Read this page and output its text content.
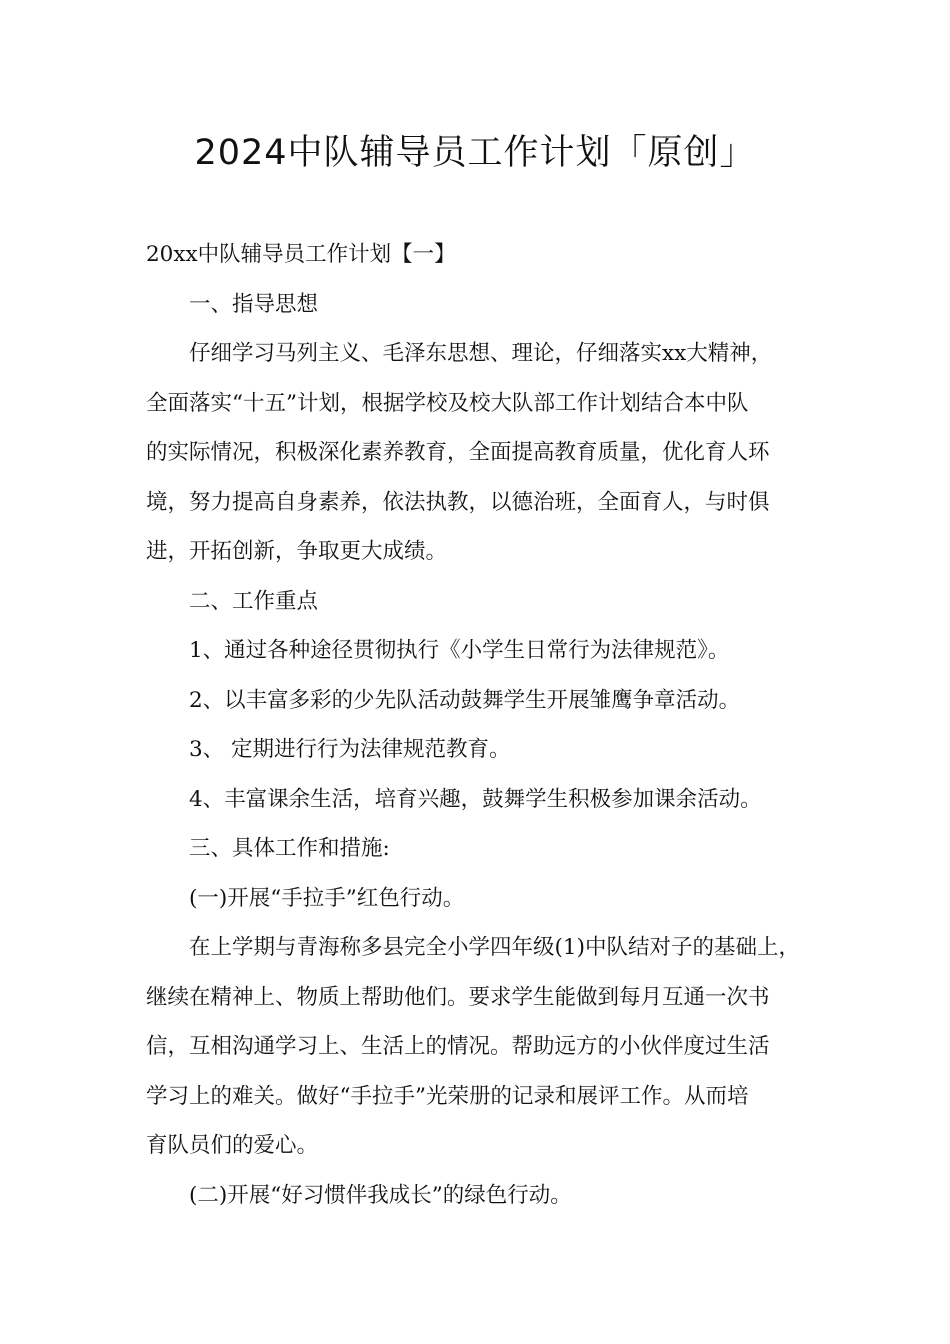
2024中队辅导员工作计划「原创」
20xx中队辅导员工作计划【一】
一、指导思想
仔细学习马列主义、毛泽东思想、理论，仔细落实xx大精神，
全面落实“十五”计划，根据学校及校大队部工作计划结合本中队
的实际情况，积极深化素养教育，全面提高教育质量，优化育人环
境，努力提高自身素养，依法执教，以德治班，全面育人，与时俱
进，开拓创新，争取更大成绩。
二、工作重点
1、通过各种途径贯彻执行《小学生日常行为法律规范》。
2、以丰富多彩的少先队活动鼓舞学生开展雏鹰争章活动。
3、 定期进行行为法律规范教育。
4、丰富课余生活，培育兴趣，鼓舞学生积极参加课余活动。
三、具体工作和措施:
(一)开展“手拉手”红色行动。
在上学期与青海称多县完全小学四年级(1)中队结对子的基础上，
继续在精神上、物质上帮助他们。要求学生能做到每月互通一次书
信，互相沟通学习上、生活上的情况。帮助远方的小伙伴度过生活
学习上的难关。做好“手拉手”光荣册的记录和展评工作。从而培
育队员们的爱心。
(二)开展“好习惯伴我成长”的绿色行动。
